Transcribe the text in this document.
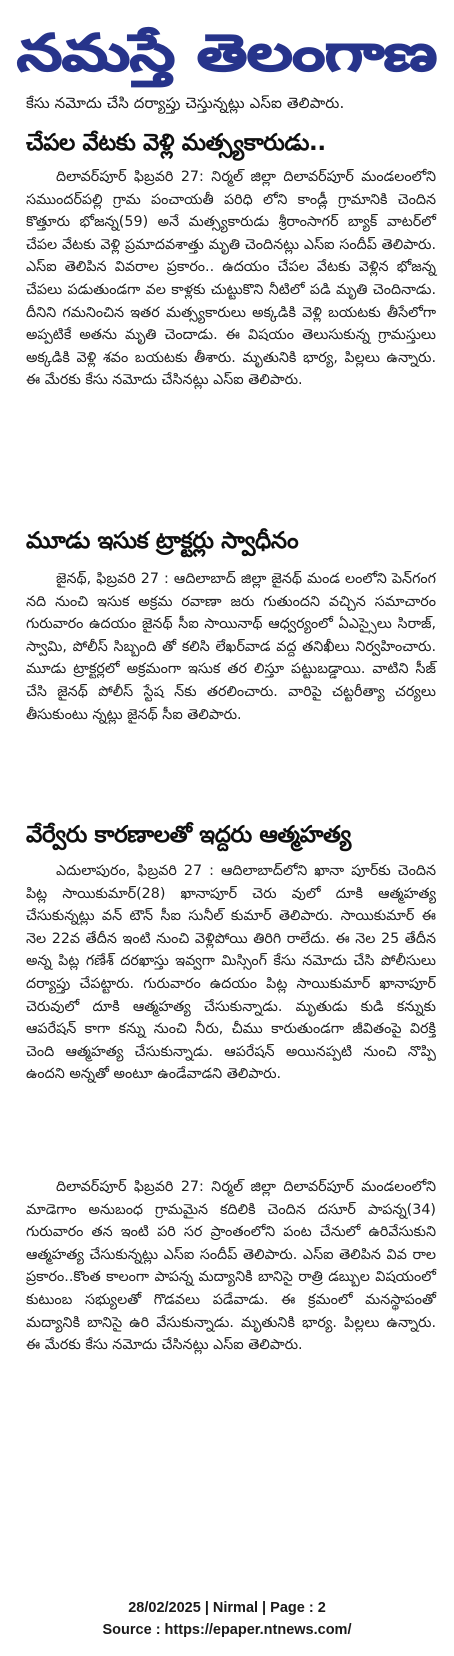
నమస్తే తెలంగాణ
కేసు నమోదు చేసి దర్యాప్తు చెస్తున్నట్లు ఎస్ఐ తెలిపారు.
చేపల వేటకు వెళ్లి మత్స్యకారుడు..
దిలావర్‌పూర్ ఫిబ్రవరి 27: నిర్మల్ జిల్లా దిలావర్‌పూర్ మండలంలోని సముందర్‌పల్లి గ్రామ పంచాయతీ పరిధి లోని కాండ్లీ గ్రామానికి చెందిన కొత్తూరు భోజన్న(59) అనే మత్స్యకారుడు శ్రీరాంసాగర్ బ్యాక్ వాటర్‌లో చేపల వేటకు వెళ్లి ప్రమాదవశాత్తు మృతి చెందినట్లు ఎస్ఐ సందీప్ తెలిపారు. ఎస్ఐ తెలిపిన వివరాల ప్రకారం.. ఉదయం చేపల వేటకు వెళ్లిన భోజన్న చేపలు పడుతుండగా వల కాళ్లకు చుట్టుకొని నీటిలో పడి మృతి చెందినాడు. దీనిని గమనించిన ఇతర మత్స్యకారులు అక్కడికి వెళ్లి బయటకు తీసేలోగా అప్పటికే అతను మృతి చెందాడు. ఈ విషయం తెలుసుకున్న గ్రామస్తులు అక్కడికి వెళ్లి శవం బయటకు తీశారు. మృతునికి భార్య, పిల్లలు ఉన్నారు. ఈ మేరకు కేసు నమోదు చేసినట్లు ఎస్ఐ తెలిపారు.
మూడు ఇసుక ట్రాక్టర్లు స్వాధీనం
జైనథ్, ఫిబ్రవరి 27 : ఆదిలాబాద్ జిల్లా జైనథ్ మండ లంలోని పెన్‌గంగ నది నుంచి ఇసుక అక్రమ రవాణా జరు గుతుందని వచ్చిన సమాచారం గురువారం ఉదయం జైనథ్ సీఐ సాయినాథ్ ఆధ్వర్యంలో ఏఎస్సైలు సిరాజ్, స్వామి, పోలీస్ సిబ్బంది తో కలిసి లేఖర్‌వాడ వద్ద తనిఖీలు నిర్వహించారు. మూడు ట్రాక్టర్లలో అక్రమంగా ఇసుక తర లిస్తూ పట్టుబడ్డాయి. వాటిని సీజ్ చేసి జైనథ్ పోలీస్ స్టేష న్‌కు తరలించారు. వారిపై చట్టరీత్యా చర్యలు తీసుకుంటు న్నట్లు జైనథ్ సీఐ తెలిపారు.
వేర్వేరు కారణాలతో ఇద్దరు ఆత్మహత్య
ఎదులాపురం, ఫిబ్రవరి 27 : ఆదిలాబాద్‌లోని ఖానా పూర్‌కు చెందిన పిట్ల సాయికుమార్(28) ఖానాపూర్ చెరు వులో దూకి ఆత్మహత్య చేసుకున్నట్లు వన్ టౌన్ సీఐ సునీల్ కుమార్ తెలిపారు. సాయికుమార్ ఈ నెల 22వ తేదీన ఇంటి నుంచి వెళ్లిపోయి తిరిగి రాలేదు. ఈ నెల 25 తేదీన అన్న పిట్ల గణేశ్ దరఖాస్తు ఇవ్వగా మిస్సింగ్ కేసు నమోదు చేసి పోలీసులు దర్యాప్తు చేపట్టారు. గురువారం ఉదయం పిట్ల సాయికుమార్ ఖానాపూర్ చెరువులో దూకి ఆత్మహత్య చేసుకున్నాడు. మృతుడు కుడి కన్నుకు ఆపరేషన్ కాగా కన్ను నుంచి నీరు, చీము కారుతుండగా జీవితంపై విరక్తి చెంది ఆత్మహత్య చేసుకున్నాడు. ఆపరేషన్ అయినప్పటి నుంచి నొప్పి ఉందని అన్నతో అంటూ ఉండేవాడని తెలిపారు.
దిలావర్‌పూర్ ఫిబ్రవరి 27: నిర్మల్ జిల్లా దిలావర్‌పూర్ మండలంలోని మాడెగాం అనుబంధ గ్రామమైన కదిలికి చెందిన దసూర్ పాపన్న(34) గురువారం తన ఇంటి పరి సర ప్రాంతంలోని పంట చేనులో ఉరివేసుకుని ఆత్మహత్య చేసుకున్నట్లు ఎస్ఐ సందీప్ తెలిపారు. ఎస్ఐ తెలిపిన వివ రాల ప్రకారం..కొంత కాలంగా పాపన్న మద్యానికి బానిసై రాత్రి డబ్బుల విషయంలో కుటుంబ సభ్యులతో గొడవలు పడేవాడు. ఈ క్రమంలో మనస్థాపంతో మద్యానికి బానిసై ఉరి వేసుకున్నాడు. మృతునికి భార్య. పిల్లలు ఉన్నారు. ఈ మేరకు కేసు నమోదు చేసినట్లు ఎస్ఐ తెలిపారు.
28/02/2025 | Nirmal | Page : 2
Source : https://epaper.ntnews.com/
